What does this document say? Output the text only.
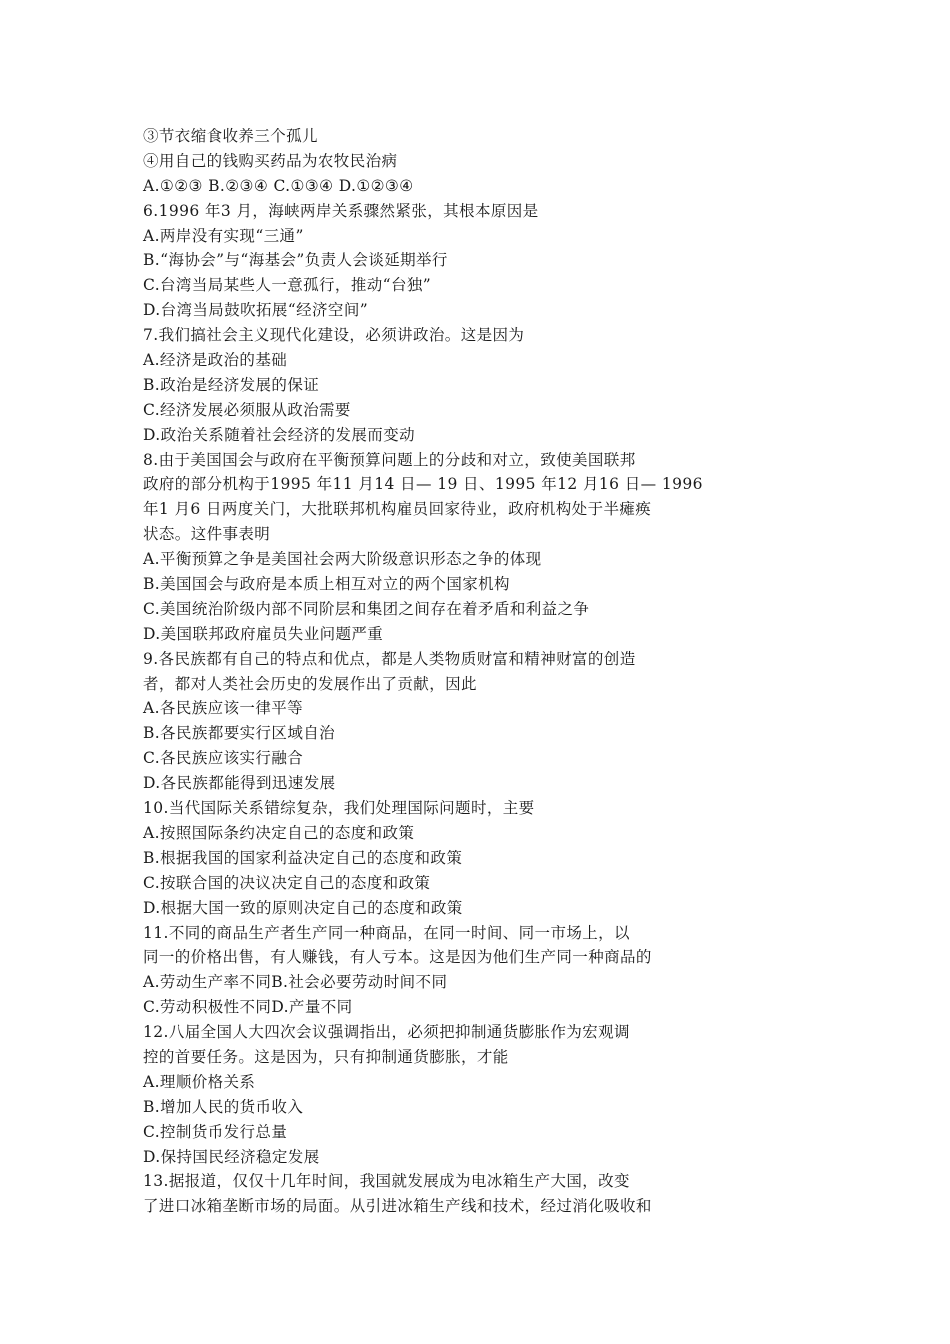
③节衣缩食收养三个孤儿
④用自己的钱购买药品为农牧民治病
A.①②③ B.②③④ C.①③④ D.①②③④
6.1996 年3 月，海峡两岸关系骤然紧张，其根本原因是
A.两岸没有实现“三通”
B.“海协会”与“海基会”负责人会谈延期举行
C.台湾当局某些人一意孤行，推动“台独”
D.台湾当局鼓吹拓展“经济空间”
7.我们搞社会主义现代化建设，必须讲政治。这是因为
A.经济是政治的基础
B.政治是经济发展的保证
C.经济发展必须服从政治需要
D.政治关系随着社会经济的发展而变动
8.由于美国国会与政府在平衡预算问题上的分歧和对立，致使美国联邦
政府的部分机构于1995 年11 月14 日— 19 日、1995 年12 月16 日— 1996
年1 月6 日两度关门，大批联邦机构雇员回家待业，政府机构处于半瘫痪
状态。这件事表明
A.平衡预算之争是美国社会两大阶级意识形态之争的体现
B.美国国会与政府是本质上相互对立的两个国家机构
C.美国统治阶级内部不同阶层和集团之间存在着矛盾和利益之争
D.美国联邦政府雇员失业问题严重
9.各民族都有自己的特点和优点，都是人类物质财富和精神财富的创造
者，都对人类社会历史的发展作出了贡献，因此
A.各民族应该一律平等
B.各民族都要实行区域自治
C.各民族应该实行融合
D.各民族都能得到迅速发展
10.当代国际关系错综复杂，我们处理国际问题时，主要
A.按照国际条约决定自己的态度和政策
B.根据我国的国家利益决定自己的态度和政策
C.按联合国的决议决定自己的态度和政策
D.根据大国一致的原则决定自己的态度和政策
11.不同的商品生产者生产同一种商品，在同一时间、同一市场上，以
同一的价格出售，有人赚钱，有人亏本。这是因为他们生产同一种商品的
A.劳动生产率不同B.社会必要劳动时间不同
C.劳动积极性不同D.产量不同
12.八届全国人大四次会议强调指出，必须把抑制通货膨胀作为宏观调
控的首要任务。这是因为，只有抑制通货膨胀，才能
A.理顺价格关系
B.增加人民的货币收入
C.控制货币发行总量
D.保持国民经济稳定发展
13.据报道，仅仅十几年时间，我国就发展成为电冰箱生产大国，改变
了进口冰箱垄断市场的局面。从引进冰箱生产线和技术，经过消化吸收和
